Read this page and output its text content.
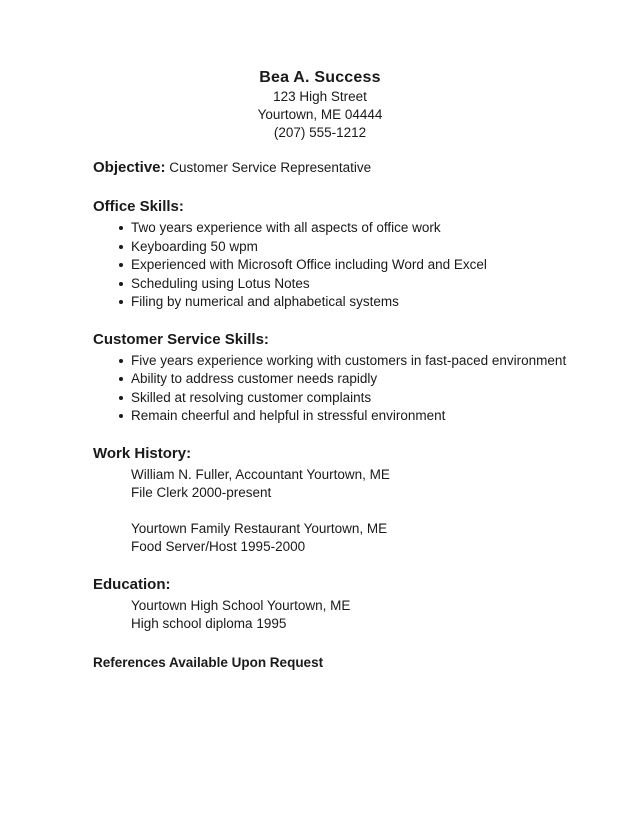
Bea A. Success
123 High Street
Yourtown, ME 04444
(207) 555-1212
Objective: Customer Service Representative
Office Skills:
Two years experience with all aspects of office work
Keyboarding 50 wpm
Experienced with Microsoft Office including Word and Excel
Scheduling using Lotus Notes
Filing by numerical and alphabetical systems
Customer Service Skills:
Five years experience working with customers in fast-paced environment
Ability to address customer needs rapidly
Skilled at resolving customer complaints
Remain cheerful and helpful in stressful environment
Work History:
William N. Fuller, Accountant Yourtown, ME
File Clerk 2000-present
Yourtown Family Restaurant Yourtown, ME
Food Server/Host 1995-2000
Education:
Yourtown High School Yourtown, ME
High school diploma 1995
References Available Upon Request
